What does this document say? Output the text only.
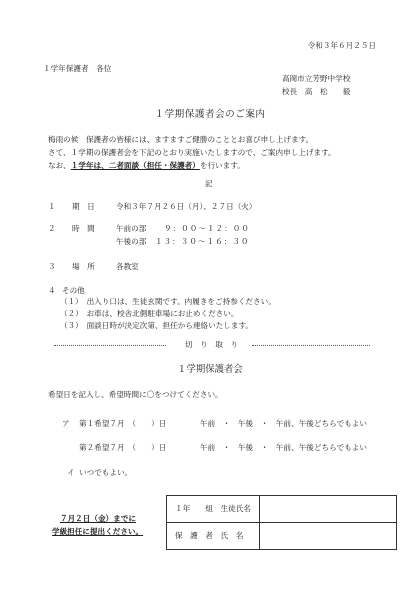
令和３年６月２５日
１学年保護者　各位
高岡市立芳野中学校
校長　高　松　　毅
１学期保護者会のご案内
梅雨の候　保護者の皆様には、ますますご健勝のこととお喜び申し上げます。
さて、１学期の保護者会を下記のとおり実施いたしますので、ご案内申し上げます。
なお、１学年は、二者面談（担任・保護者）を行います。
記
１ 期　日	令和３年７月２６日（月）、２７日（火）
２ 時　間	午前の部 ９：００～１２：００
午後の部 １３：３０～１６：３０
３ 場　所	各教室
４ その他
（１）　出入り口は、生徒玄関です。内履きをご持参ください。
（２）　お車は、校舎北側駐車場にお止めください。
（３）　面談日時が決定次第、担任から連絡いたします。
切　り　取　り
１学期保護者会
希望日を記入し、希望時間に〇をつけてください。
ア 第１希望７月　（　　）日	午前　・　午後　・　午前、午後どちらでもよい
第２希望７月　（　　）日	午前　・　午後　・　午前、午後どちらでもよい
イ いつでもよい。
７月２日（金）までに
学級担任に提出ください。
１年　　組　生徒氏名	
保　護　者　氏　名	
